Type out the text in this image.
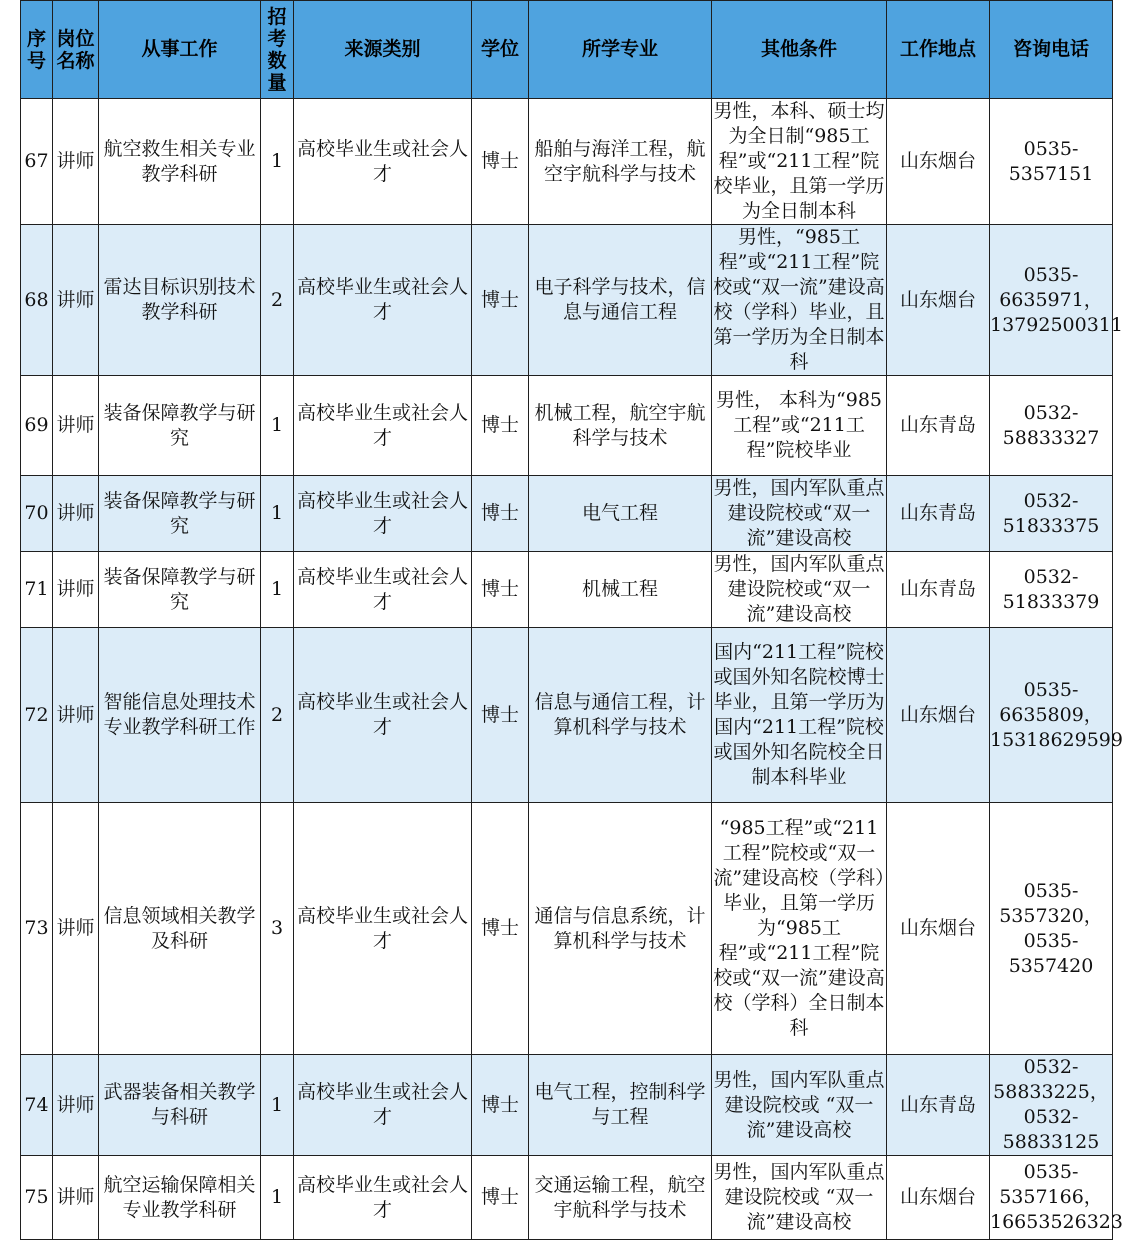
序号	岗位名称	从事工作	招考数量	来源类别	学位	所学专业	其他条件	工作地点	咨询电话
67	讲师	航空救生相关专业教学科研	1	高校毕业生或社会人才	博士	船舶与海洋工程，航空宇航科学与技术	男性，本科、硕士均为全日制“985工程”或“211工程”院校毕业，且第一学历为全日制本科	山东烟台	0535-5357151
68	讲师	雷达目标识别技术教学科研	2	高校毕业生或社会人才	博士	电子科学与技术，信息与通信工程	男性，“985工程”或“211工程”院校或“双一流”建设高校（学科）毕业，且第一学历为全日制本科	山东烟台	0535-6635971，13792500311
69	讲师	装备保障教学与研究	1	高校毕业生或社会人才	博士	机械工程，航空宇航科学与技术	男性， 本科为“985工程”或“211工程”院校毕业	山东青岛	0532-58833327
70	讲师	装备保障教学与研究	1	高校毕业生或社会人才	博士	电气工程	男性，国内军队重点建设院校或“双一流”建设高校	山东青岛	0532-51833375
71	讲师	装备保障教学与研究	1	高校毕业生或社会人才	博士	机械工程	男性，国内军队重点建设院校或“双一流”建设高校	山东青岛	0532-51833379
72	讲师	智能信息处理技术专业教学科研工作	2	高校毕业生或社会人才	博士	信息与通信工程，计算机科学与技术	国内“211工程”院校或国外知名院校博士毕业，且第一学历为国内“211工程”院校或国外知名院校全日制本科毕业	山东烟台	0535-6635809，15318629599
73	讲师	信息领域相关教学及科研	3	高校毕业生或社会人才	博士	通信与信息系统，计算机科学与技术	“985工程”或“211工程”院校或“双一流”建设高校（学科）毕业，且第一学历为“985工程”或“211工程”院校或“双一流”建设高校（学科）全日制本科	山东烟台	0535-5357320，0535-5357420
74	讲师	武器装备相关教学与科研	1	高校毕业生或社会人才	博士	电气工程，控制科学与工程	男性，国内军队重点建设院校或 “双一流”建设高校	山东青岛	0532-58833225，0532-58833125
75	讲师	航空运输保障相关专业教学科研	1	高校毕业生或社会人才	博士	交通运输工程，航空宇航科学与技术	男性，国内军队重点建设院校或 “双一流”建设高校	山东烟台	0535-5357166，16653526323
